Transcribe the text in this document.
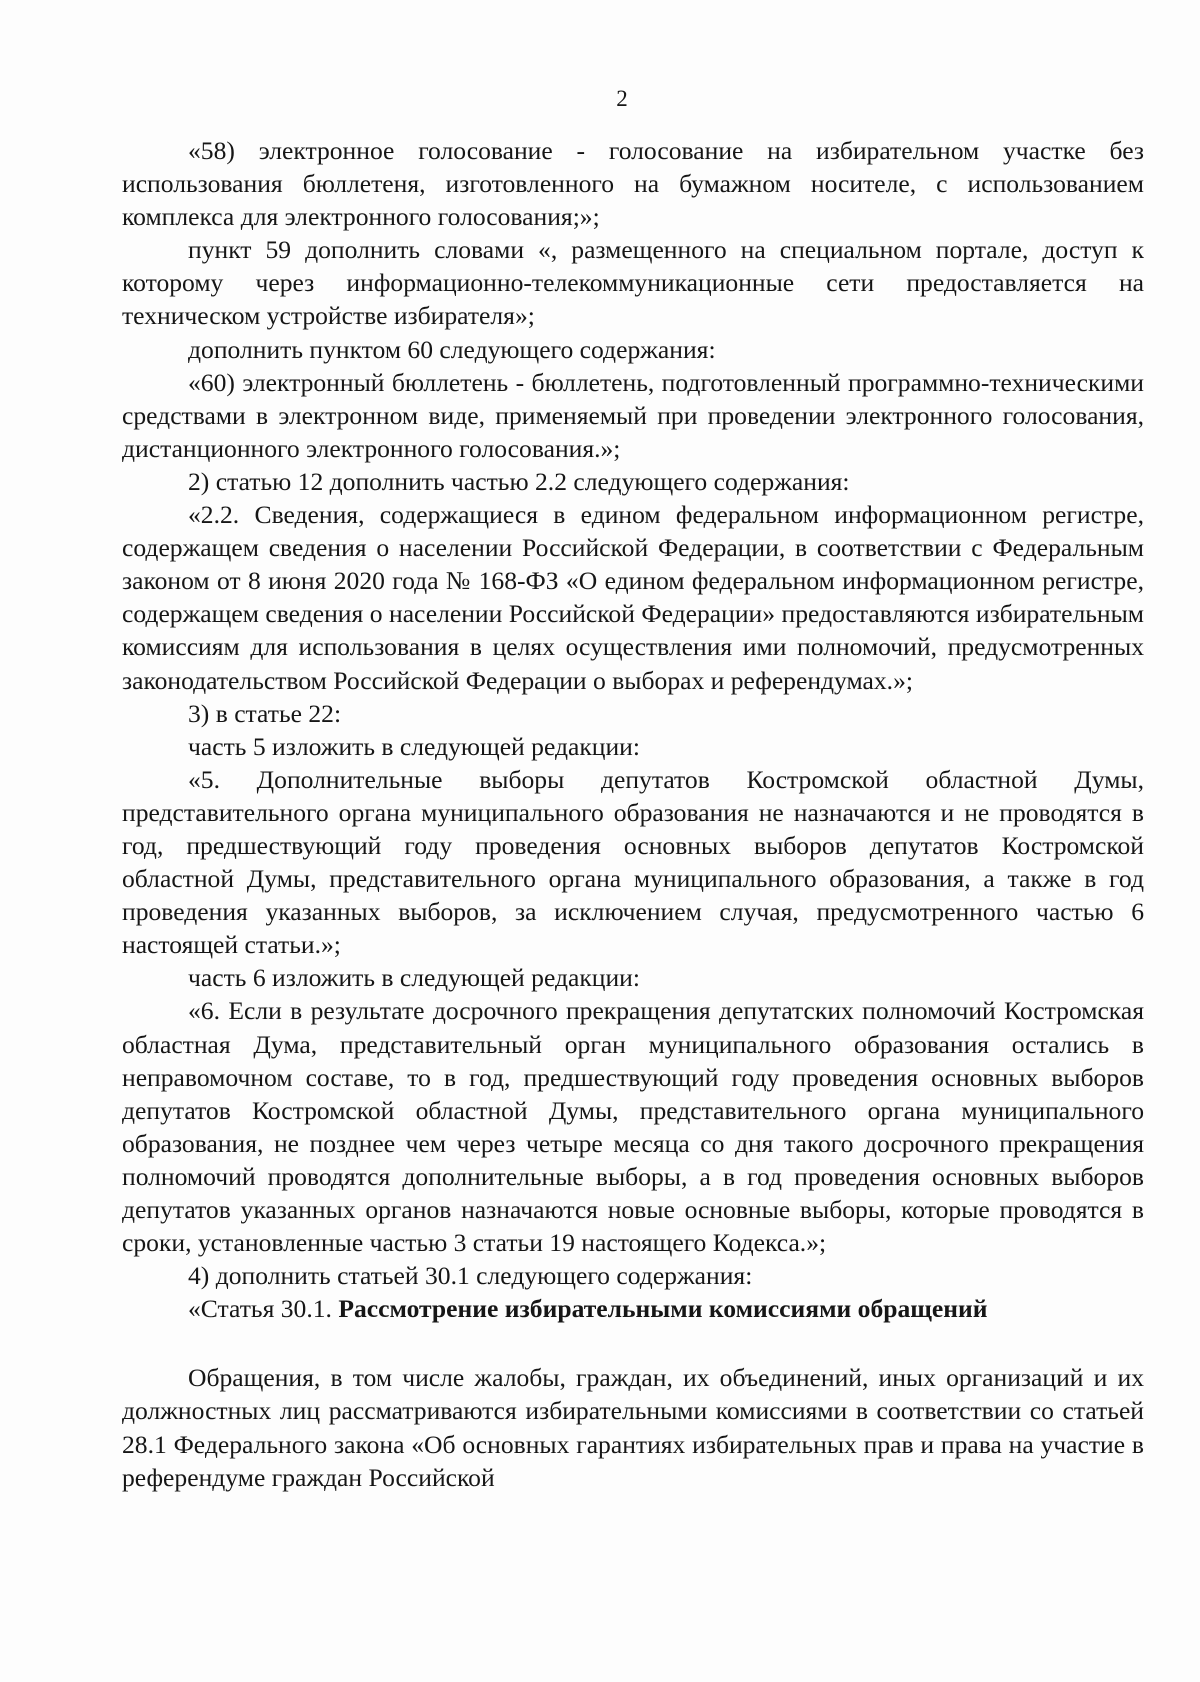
2

«58) электронное голосование - голосование на избирательном участке без использования бюллетеня, изготовленного на бумажном носителе, с использованием комплекса для электронного голосования;»;

пункт 59 дополнить словами «, размещенного на специальном портале, доступ к которому через информационно-телекоммуникационные сети предоставляется на техническом устройстве избирателя»;

дополнить пунктом 60 следующего содержания:

«60) электронный бюллетень - бюллетень, подготовленный программно-техническими средствами в электронном виде, применяемый при проведении электронного голосования, дистанционного электронного голосования.»;

2) статью 12 дополнить частью 2.2 следующего содержания:

«2.2. Сведения, содержащиеся в едином федеральном информационном регистре, содержащем сведения о населении Российской Федерации, в соответствии с Федеральным законом от 8 июня 2020 года № 168-ФЗ «О едином федеральном информационном регистре, содержащем сведения о населении Российской Федерации» предоставляются избирательным комиссиям для использования в целях осуществления ими полномочий, предусмотренных законодательством Российской Федерации о выборах и референдумах.»;

3) в статье 22:

часть 5 изложить в следующей редакции:

«5. Дополнительные выборы депутатов Костромской областной Думы, представительного органа муниципального образования не назначаются и не проводятся в год, предшествующий году проведения основных выборов депутатов Костромской областной Думы, представительного органа муниципального образования, а также в год проведения указанных выборов, за исключением случая, предусмотренного частью 6 настоящей статьи.»;

часть 6 изложить в следующей редакции:

«6. Если в результате досрочного прекращения депутатских полномочий Костромская областная Дума, представительный орган муниципального образования остались в неправомочном составе, то в год, предшествующий году проведения основных выборов депутатов Костромской областной Думы, представительного органа муниципального образования, не позднее чем через четыре месяца со дня такого досрочного прекращения полномочий проводятся дополнительные выборы, а в год проведения основных выборов депутатов указанных органов назначаются новые основные выборы, которые проводятся в сроки, установленные частью 3 статьи 19 настоящего Кодекса.»;

4) дополнить статьей 30.1 следующего содержания:

«Статья 30.1. Рассмотрение избирательными комиссиями обращений

Обращения, в том числе жалобы, граждан, их объединений, иных организаций и их должностных лиц рассматриваются избирательными комиссиями в соответствии со статьей 28.1 Федерального закона «Об основных гарантиях избирательных прав и права на участие в референдуме граждан Российской
